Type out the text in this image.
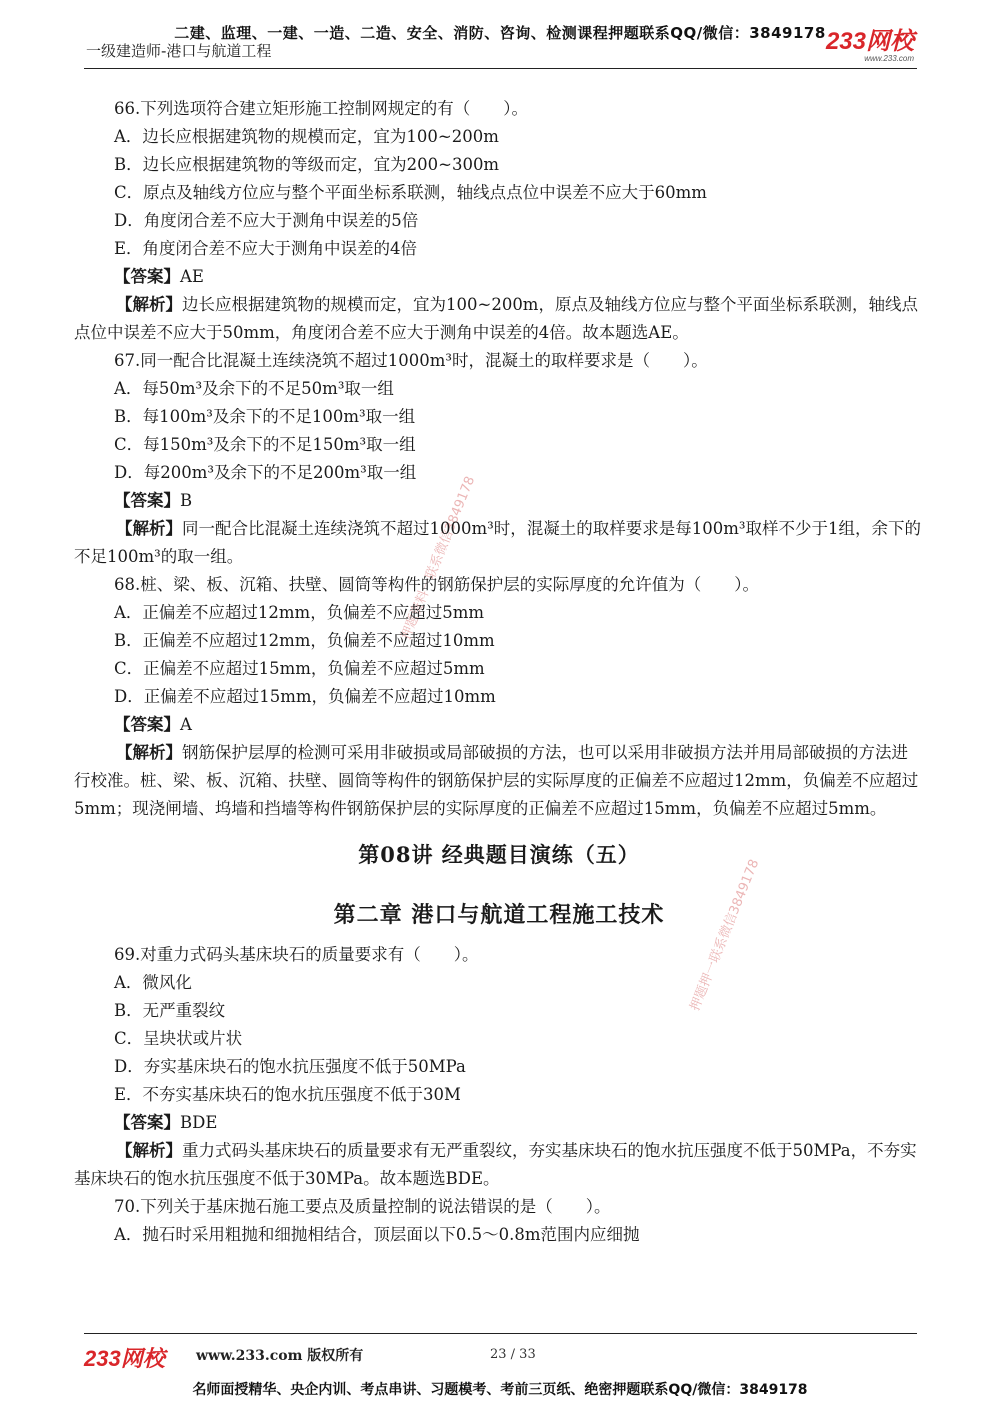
二建、监理、一建、一造、二造、安全、消防、咨询、检测课程押题联系QQ/微信：3849178
一级建造师-港口与航道工程	233网校
www.233.com
押题资料一联系微信3849178
押题押一联系微信3849178
66.下列选项符合建立矩形施工控制网规定的有（　　）。
A．边长应根据建筑物的规模而定，宜为100~200m
B．边长应根据建筑物的等级而定，宜为200~300m
C．原点及轴线方位应与整个平面坐标系联测，轴线点点位中误差不应大于60mm
D．角度闭合差不应大于测角中误差的5倍
E．角度闭合差不应大于测角中误差的4倍
【答案】AE
【解析】边长应根据建筑物的规模而定，宜为100~200m，原点及轴线方位应与整个平面坐标系联测，轴线点点位中误差不应大于50mm，角度闭合差不应大于测角中误差的4倍。故本题选AE。
67.同一配合比混凝土连续浇筑不超过1000m³时，混凝土的取样要求是（　　）。
A．每50m³及余下的不足50m³取一组
B．每100m³及余下的不足100m³取一组
C．每150m³及余下的不足150m³取一组
D．每200m³及余下的不足200m³取一组
【答案】B
【解析】同一配合比混凝土连续浇筑不超过1000m³时，混凝土的取样要求是每100m³取样不少于1组，余下的不足100m³的取一组。
68.桩、梁、板、沉箱、扶壁、圆筒等构件的钢筋保护层的实际厚度的允许值为（　　）。
A．正偏差不应超过12mm，负偏差不应超过5mm
B．正偏差不应超过12mm，负偏差不应超过10mm
C．正偏差不应超过15mm，负偏差不应超过5mm
D．正偏差不应超过15mm，负偏差不应超过10mm
【答案】A
【解析】钢筋保护层厚的检测可采用非破损或局部破损的方法，也可以采用非破损方法并用局部破损的方法进行校准。桩、梁、板、沉箱、扶壁、圆筒等构件的钢筋保护层的实际厚度的正偏差不应超过12mm，负偏差不应超过5mm；现浇闸墙、坞墙和挡墙等构件钢筋保护层的实际厚度的正偏差不应超过15mm，负偏差不应超过5mm。
第08讲 经典题目演练（五）
第二章 港口与航道工程施工技术
69.对重力式码头基床块石的质量要求有（　　）。
A．微风化
B．无严重裂纹
C．呈块状或片状
D．夯实基床块石的饱水抗压强度不低于50MPa
E．不夯实基床块石的饱水抗压强度不低于30M
【答案】BDE
【解析】重力式码头基床块石的质量要求有无严重裂纹，夯实基床块石的饱水抗压强度不低于50MPa，不夯实基床块石的饱水抗压强度不低于30MPa。故本题选BDE。
70.下列关于基床抛石施工要点及质量控制的说法错误的是（　　）。
A．抛石时采用粗抛和细抛相结合，顶层面以下0.5～0.8m范围内应细抛
233网校 www.233.com 版权所有	23 / 33
名师面授精华、央企内训、考点串讲、习题模考、考前三页纸、绝密押题联系QQ/微信：3849178
